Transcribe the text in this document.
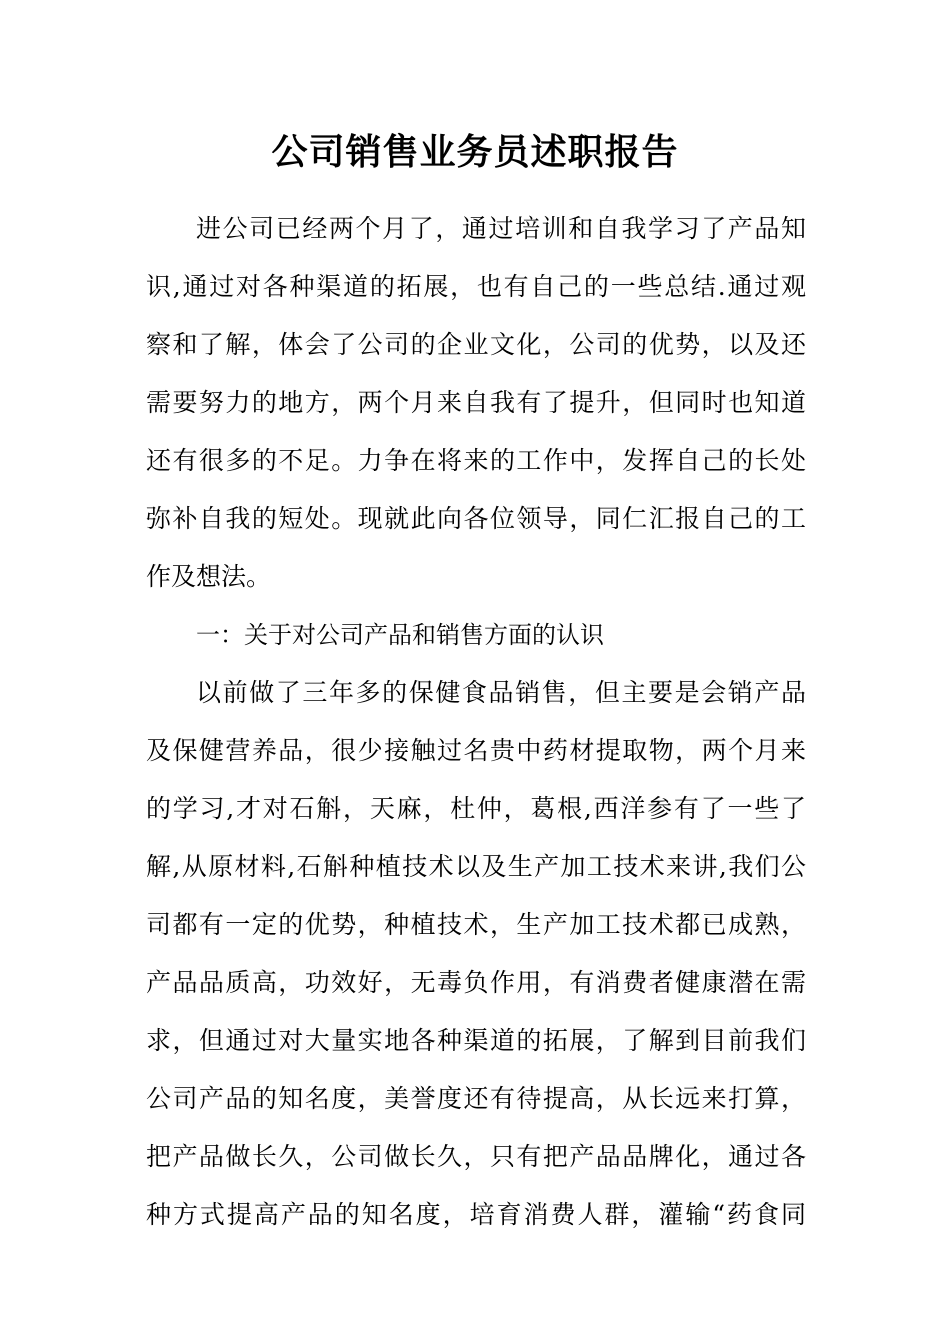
公司销售业务员述职报告
进公司已经两个月了，通过培训和自我学习了产品知
识,通过对各种渠道的拓展，也有自己的一些总结.通过观
察和了解，体会了公司的企业文化，公司的优势，以及还
需要努力的地方，两个月来自我有了提升，但同时也知道
还有很多的不足。力争在将来的工作中，发挥自己的长处
弥补自我的短处。现就此向各位领导，同仁汇报自己的工
作及想法。
一：关于对公司产品和销售方面的认识
以前做了三年多的保健食品销售，但主要是会销产品
及保健营养品，很少接触过名贵中药材提取物，两个月来
的学习,才对石斛，天麻，杜仲，葛根,西洋参有了一些了
解,从原材料,石斛种植技术以及生产加工技术来讲,我们公
司都有一定的优势，种植技术，生产加工技术都已成熟，
产品品质高，功效好，无毒负作用，有消费者健康潜在需
求，但通过对大量实地各种渠道的拓展，了解到目前我们
公司产品的知名度，美誉度还有待提高，从长远来打算，
把产品做长久，公司做长久，只有把产品品牌化，通过各
种方式提高产品的知名度，培育消费人群，灌输“药食同
